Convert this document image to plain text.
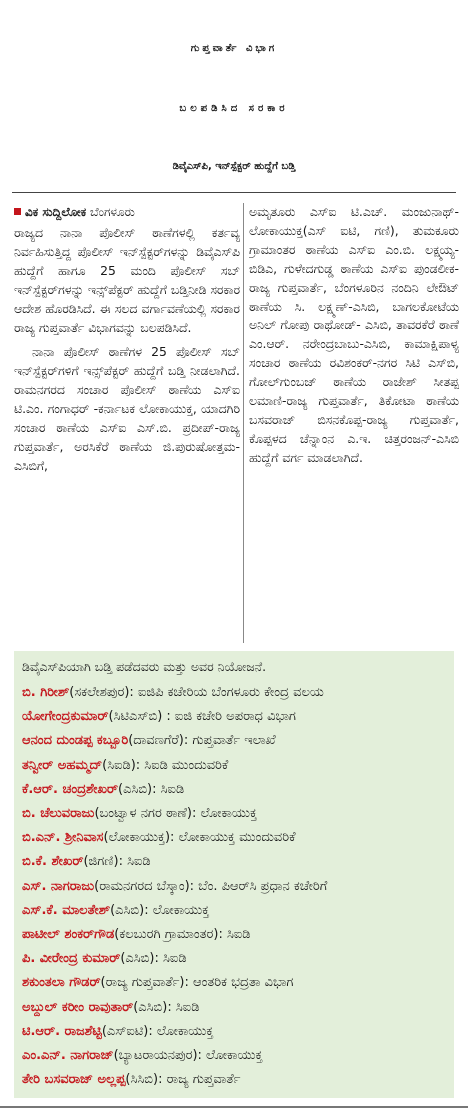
ಗುಪ್ತವಾರ್ತೆ ವಿಭಾಗ
ಬಲಪಡಿಸಿದ ಸರಕಾರ
ಡಿವೈಎಸ್‌ಪಿ, ಇನ್‌ಸ್ಪೆಕ್ಟರ್ ಹುದ್ದೆಗೆ ಬಡ್ತಿ
ವಿಕ ಸುದ್ದಿಲೋಕ ಬೆಂಗಳೂರು
ರಾಜ್ಯದ ನಾನಾ ಪೊಲೀಸ್ ಠಾಣೆಗಳಲ್ಲಿ ಕರ್ತವ್ಯ ನಿರ್ವಹಿಸುತ್ತಿದ್ದ ಪೊಲೀಸ್ ಇನ್‌ಸ್ಪೆಕ್ಟರ್‌ಗಳನ್ನು ಡಿವೈಎಸ್‌ಪಿ ಹುದ್ದೆಗೆ ಹಾಗೂ 25 ಮಂದಿ ಪೊಲೀಸ್ ಸಬ್ ಇನ್‌ಸ್ಪೆಕ್ಟರ್‌ಗಳನ್ನು ಇನ್ಸ್‌ಪೆಕ್ಟರ್ ಹುದ್ದೆಗೆ ಬಡ್ತಿನೀಡಿ ಸರಕಾರ ಆದೇಶ ಹೊರಡಿಸಿದೆ. ಈ ಸಲದ ವರ್ಗಾವಣೆಯಲ್ಲಿ ಸರಕಾರ ರಾಜ್ಯ ಗುಪ್ತವಾರ್ತೆ ವಿಭಾಗವನ್ನು ಬಲಪಡಿಸಿದೆ.
ನಾನಾ ಪೊಲೀಸ್ ಠಾಣೆಗಳ 25 ಪೊಲೀಸ್ ಸಬ್ ಇನ್‌ಸ್ಪೆಕ್ಟರ್‌ಗಳಿಗೆ ಇನ್ಸ್‌ಪೆಕ್ಟರ್ ಹುದ್ದೆಗೆ ಬಡ್ತಿ ನೀಡಲಾಗಿದೆ. ರಾಮನಗರದ ಸಂಚಾರ ಪೊಲೀಸ್ ಠಾಣೆಯ ಎಸ್‌ಐ ಟಿ.ಎಂ. ಗಂಗಾಧರ್ -ಕರ್ನಾಟಕ ಲೋಕಾಯುಕ್ತ, ಯಾದಗಿರಿ ಸಂಚಾರ ಠಾಣೆಯ ಎಸ್‌ಐ ಎಸ್.ಬಿ. ಪ್ರದೀಪ್-ರಾಜ್ಯ ಗುಪ್ತವಾರ್ತೆ, ಅರಸಿಕೆರೆ ಠಾಣೆಯ ಜಿ.ಪುರುಷೋತ್ತಮ-ಎಸಿಬಿಗೆ,
ಅಮೃತೂರು ಎಸ್‌ಐ ಟಿ.ಎಚ್. ಮಂಜುನಾಥ್-ಲೋಕಾಯುಕ್ತ(ಎಸ್ ಐಟಿ, ಗಣಿ), ತುಮಕೂರು ಗ್ರಾಮಾಂತರ ಠಾಣೆಯ ಎಸ್‌ಐ ಎಂ.ಬಿ. ಲಕ್ಷ್ಮಯ್ಯ-ಬಿಡಿಎ, ಗುಳೇದಗುಡ್ಡ ಠಾಣೆಯ ಎಸ್‌ಐ ಪುಂಡಲೀಕ-ರಾಜ್ಯ ಗುಪ್ತವಾರ್ತೆ, ಬೆಂಗಳೂರಿನ ನಂದಿನಿ ಲೇಔಟ್ ಠಾಣೆಯ ಸಿ. ಲಕ್ಷ್ಮಣ್-ಎಸಿಬಿ, ಬಾಗಲಕೋಟೆಯ ಅನಿಲ್ ಗೋಪು ರಾಥೋಡ್- ಎಸಿಬಿ, ತಾವರಕೆರೆ ಠಾಣೆ ಎಂ.ಆರ್. ನರೇಂದ್ರಬಾಬು-ಎಸಿಬಿ, ಕಾಮಾಕ್ಷಿಪಾಳ್ಯ ಸಂಚಾರ ಠಾಣೆಯ ರವಿಶಂಕರ್-ನಗರ ಸಿಟಿ ಎಸ್‌ಬಿ, ಗೋಲ್‌ಗುಂಬಜ್ ಠಾಣೆಯ ರಾಜೇಶ್ ಸೀತಪ್ಪ ಲಮಾಣಿ-ರಾಜ್ಯ ಗುಪ್ತವಾರ್ತೆ, ತಿಕೋಟಾ ಠಾಣೆಯ ಬಸವರಾಜ್ ಬಿಸನಕೊಪ್ಪ-ರಾಜ್ಯ ಗುಪ್ತವಾರ್ತೆ, ಕೊಪ್ಪಳದ ಚೆನ್ನಾಂನ ಎ.ಇ. ಚಿತ್ತರಂಜನ್-ಎಸಿಬಿ ಹುದ್ದೆಗೆ ವರ್ಗ ಮಾಡಲಾಗಿದೆ.
ಡಿವೈಎಸ್‌ಪಿಯಾಗಿ ಬಡ್ತಿ ಪಡೆದವರು ಮತ್ತು ಅವರ ನಿಯೋಜನೆ.
ಬಿ. ಗಿರೀಶ್(ಸಕಲೇಶಪುರ): ಐಜಿಪಿ ಕಚೇರಿಯ ಬೆಂಗಳೂರು ಕೇಂದ್ರ ವಲಯ
ಯೋಗೇಂದ್ರಕುಮಾರ್(ಸಿಟಿಎಸ್‌ಬಿ) : ಐಜಿ ಕಚೇರಿ ಅಪರಾಧ ವಿಭಾಗ
ಆನಂದ ದುಂಡಪ್ಪ ಕಬ್ಬೂರಿ(ದಾವಣಗೆರೆ): ಗುಪ್ತವಾರ್ತೆ ಇಲಾಖೆ
ತನ್ವೀರ್ ಅಹಮ್ಮದ್(ಸಿಐಡಿ): ಸಿಐಡಿ ಮುಂದುವರಿಕೆ
ಕೆ.ಆರ್. ಚಂದ್ರಶೇಖರ್(ಎಸಿಬಿ): ಸಿಐಡಿ
ಬಿ. ಚೆಲುವರಾಜು(ಬಂಟ್ವಾಳ ನಗರ ಠಾಣೆ): ಲೋಕಾಯುಕ್ತ
ಬಿ.ಎನ್. ಶ್ರೀನಿವಾಸ(ಲೋಕಾಯುಕ್ತ): ಲೋಕಾಯುಕ್ತ ಮುಂದುವರಿಕೆ
ಬಿ.ಕೆ. ಶೇಖರ್(ಜಿಗಣಿ): ಸಿಐಡಿ
ಎಸ್. ನಾಗರಾಜು(ರಾಮನಗರದ ಬೆಸ್ಕಾಂ): ಬೆಂ. ಪಿಆರ್‌ಸಿ ಪ್ರಧಾನ ಕಚೇರಿಗೆ
ಎಸ್.ಕೆ. ಮಾಲತೇಶ್(ಎಸಿಬಿ): ಲೋಕಾಯುಕ್ತ
ಪಾಟೀಲ್ ಶಂಕರ್‌ಗೌಡ(ಕಲಬುರಗಿ ಗ್ರಾಮಾಂತರ): ಸಿಐಡಿ
ಪಿ. ವೀರೇಂದ್ರ ಕುಮಾರ್(ಎಸಿಬಿ): ಸಿಐಡಿ
ಶಕುಂತಲಾ ಗೌಡರ್(ರಾಜ್ಯ ಗುಪ್ತವಾರ್ತೆ): ಆಂತರಿಕ ಭದ್ರತಾ ವಿಭಾಗ
ಅಬ್ದುಲ್ ಕರೀಂ ರಾವುತಾರ್(ಎಸಿಬಿ): ಸಿಐಡಿ
ಟಿ.ಆರ್. ರಾಜಶೆಟ್ಟಿ(ಎಸ್‌ಐಟಿ): ಲೋಕಾಯುಕ್ತ
ಎಂ.ಎನ್. ನಾಗರಾಜ್(ಬ್ಯಾಟರಾಯನಪುರ): ಲೋಕಾಯುಕ್ತ
ತೇರಿ ಬಸವರಾಜ್ ಅಲ್ಲಪ್ಪ(ಸಿಸಿಬಿ): ರಾಜ್ಯ ಗುಪ್ತವಾರ್ತೆ
